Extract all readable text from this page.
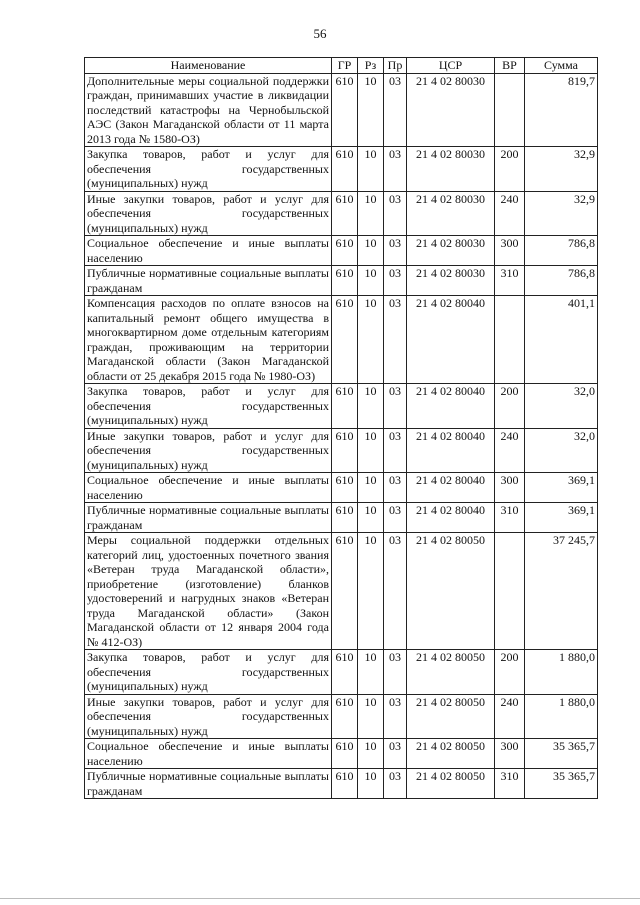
56
Наименование	ГР	Рз	Пр	ЦСР	ВР	Сумма
Дополнительные меры социальной поддержки граждан, принимавших участие в ликвидации последствий катастрофы на Чернобыльской АЭС (Закон Магаданской области от 11 марта 2013 года № 1580-ОЗ)	610	10	03	21 4 02 80030		819,7
Закупка товаров, работ и услуг для обеспечения государственных (муниципальных) нужд	610	10	03	21 4 02 80030	200	32,9
Иные закупки товаров, работ и услуг для обеспечения государственных (муниципальных) нужд	610	10	03	21 4 02 80030	240	32,9
Социальное обеспечение и иные выплаты населению	610	10	03	21 4 02 80030	300	786,8
Публичные нормативные социальные выплаты гражданам	610	10	03	21 4 02 80030	310	786,8
Компенсация расходов по оплате взносов на капитальный ремонт общего имущества в многоквартирном доме отдельным категориям граждан, проживающим на территории Магаданской области (Закон Магаданской области от 25 декабря 2015 года № 1980-ОЗ)	610	10	03	21 4 02 80040		401,1
Закупка товаров, работ и услуг для обеспечения государственных (муниципальных) нужд	610	10	03	21 4 02 80040	200	32,0
Иные закупки товаров, работ и услуг для обеспечения государственных (муниципальных) нужд	610	10	03	21 4 02 80040	240	32,0
Социальное обеспечение и иные выплаты населению	610	10	03	21 4 02 80040	300	369,1
Публичные нормативные социальные выплаты гражданам	610	10	03	21 4 02 80040	310	369,1
Меры социальной поддержки отдельных категорий лиц, удостоенных почетного звания «Ветеран труда Магаданской области», приобретение (изготовление) бланков удостоверений и нагрудных знаков «Ветеран труда Магаданской области» (Закон Магаданской области от 12 января 2004 года № 412-ОЗ)	610	10	03	21 4 02 80050		37 245,7
Закупка товаров, работ и услуг для обеспечения государственных (муниципальных) нужд	610	10	03	21 4 02 80050	200	1 880,0
Иные закупки товаров, работ и услуг для обеспечения государственных (муниципальных) нужд	610	10	03	21 4 02 80050	240	1 880,0
Социальное обеспечение и иные выплаты населению	610	10	03	21 4 02 80050	300	35 365,7
Публичные нормативные социальные выплаты гражданам	610	10	03	21 4 02 80050	310	35 365,7
